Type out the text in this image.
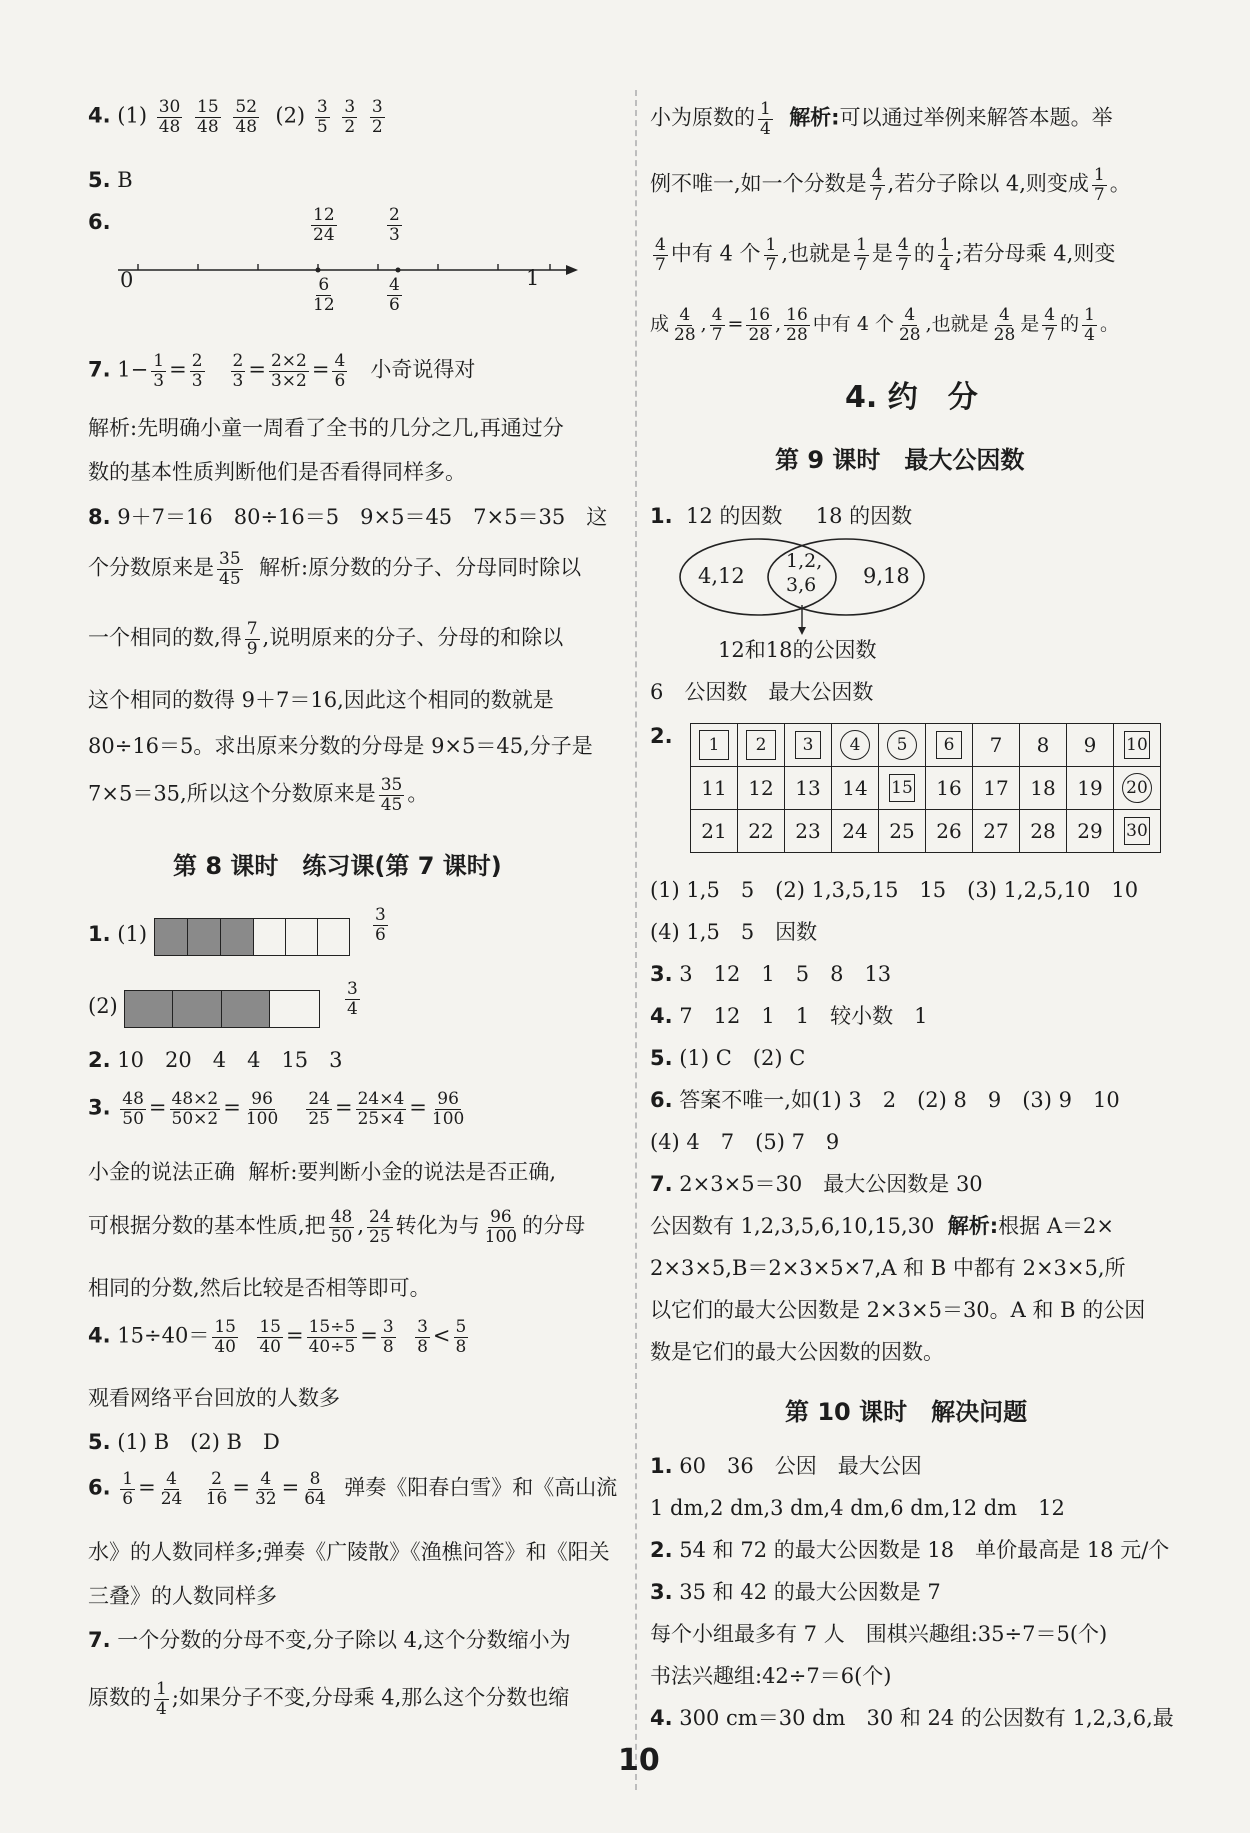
4. $(1) \frac{30}{48}$
$\frac{15}{48}$
$\frac{52}{48} (2) \frac{3}{5}$
$\frac{3}{2}$
$\frac{3}{2}$
5. B
6.	$\frac{12}{24}$	$\frac{2}{3}$
0	1
$\frac{6}{12}$	$\frac{4}{6}$
7. $1- \frac{1}{3} = \frac{2}{3}$
$\frac{2}{3} = \frac{2\times 2}{3\times 2} = \frac{4}{6}$ 小奇说得对
解析:先明确小童一周看了全书的几分之几,再通过分
数的基本性质判断他们是否看得同样多。
8. 9＋7＝16　80÷16＝5　9×5＝45　7×5＝35　这
个分数原来是 $\frac{35}{45}$ 解析:原分数的分子、分母同时除以
一个相同的数,得 $\frac{7}{9}$ ,说明原来的分子、分母的和除以
这个相同的数得 9＋7＝16,因此这个相同的数就是
80÷16＝5。求出原来分数的分母是 9×5＝45,分子是
7×5＝35,所以这个分数原来是 $\frac{35}{45}$ 。
第 8 课时　练习课(第 7 课时)
1. (1)	$\frac{3}{6}$
(2)	$\frac{3}{4}$
2. 10　20　4　4　15　3
3. $\frac{48}{50} = \frac{48\times 2}{50\times 2} = \frac{96}{100}$
$\frac{24}{25} = \frac{24\times 4}{25\times 4} = \frac{96}{100}$
小金的说法正确 解析:要判断小金的说法是否正确,
可根据分数的基本性质,把 $\frac{48}{50}$ , $\frac{24}{25}$ 转化为与 $\frac{96}{100}$ 的分母
相同的分数,然后比较是否相等即可。
4. $15\div 40= \frac{15}{40}$
$\frac{15}{40} = \frac{15\div 5}{40\div 5} = \frac{3}{8}$
$\frac{3}{8} < \frac{5}{8}$
观看网络平台回放的人数多
5. (1) B　(2) B　D
6. $\frac{1}{6} = \frac{4}{24}$
$\frac{2}{16} = \frac{4}{32} = \frac{8}{64}$ 弹奏《阳春白雪》和《高山流
水》的人数同样多;弹奏《广陵散》《渔樵问答》和《阳关
三叠》的人数同样多
7. 一个分数的分母不变,分子除以 4,这个分数缩小为
原数的 $\frac{1}{4}$ ;如果分子不变,分母乘 4,那么这个分数也缩
小为原数的 $\frac{1}{4}$ 解析:可以通过举例来解答本题。举
例不唯一,如一个分数是 $\frac{4}{7}$ ,若分子除以 4,则变成 $\frac{1}{7}$ 。
$\frac{4}{7}$ 中有 4 个 $\frac{1}{7}$ ,也就是 $\frac{1}{7}$ 是 $\frac{4}{7}$ 的 $\frac{1}{4}$ ;若分母乘 4,则变
成 $\frac{4}{28}$ , $\frac{4}{7} = \frac{16}{28}$ , $\frac{16}{28}$ 中有 4 个 $\frac{4}{28}$ ,也就是 $\frac{4}{28}$ 是 $\frac{4}{7}$ 的 $\frac{1}{4}$ 。
4. 约　分
第 9 课时　最大公因数
1. 12 的因数 18 的因数
4,12
1,2,
3,6 9,18
12和18的公因数
6　公因数　最大公因数
2. 1	2	3	4	5	6	7	8	9	10
11	12	13	14	15	16	17	18	19	20
21	22	23	24	25	26	27	28	29	30
(1) 1,5　5　(2) 1,3,5,15　15　(3) 1,2,5,10　10
(4) 1,5　5　因数
3. 3　12　1　5　8　13
4. 7　12　1　1　较小数　1
5. (1) C　(2) C
6. 答案不唯一,如(1) 3　2　(2) 8　9　(3) 9　10
(4) 4　7　(5) 7　9
7. 2×3×5＝30　最大公因数是 30
公因数有 1,2,3,5,6,10,15,30 解析:根据 A＝2×
2×3×5,B＝2×3×5×7,A 和 B 中都有 2×3×5,所
以它们的最大公因数是 2×3×5＝30。A 和 B 的公因
数是它们的最大公因数的因数。
第 10 课时　解决问题
1. 60　36　公因　最大公因
1 dm,2 dm,3 dm,4 dm,6 dm,12 dm　12
2. 54 和 72 的最大公因数是 18　单价最高是 18 元/个
3. 35 和 42 的最大公因数是 7
每个小组最多有 7 人　围棋兴趣组:35÷7＝5(个)
书法兴趣组:42÷7＝6(个)
4. 300 cm＝30 dm　30 和 24 的公因数有 1,2,3,6,最
10
